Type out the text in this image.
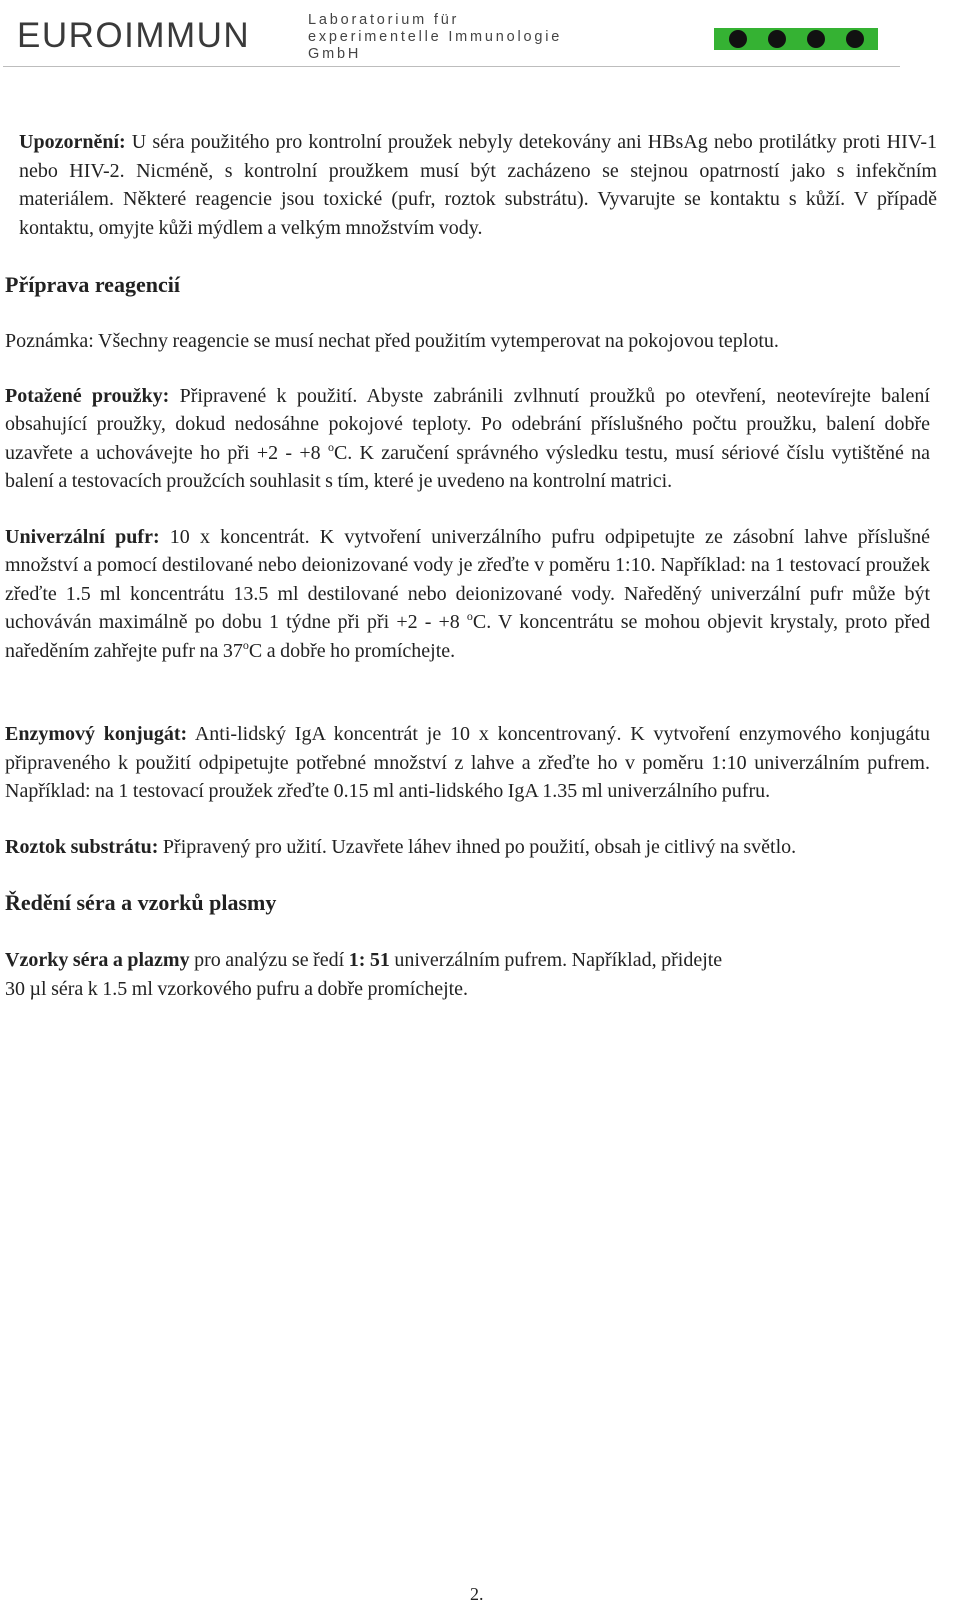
EUROIMMUN	Laboratorium für
experimentelle Immunologie
GmbH

Upozornění: U séra použitého pro kontrolní proužek nebyly detekovány ani HBsAg nebo protilátky proti HIV-1 nebo HIV-2. Nicméně, s kontrolní proužkem musí být zacházeno se stejnou opatrností jako s infekčním materiálem. Některé reagencie jsou toxické (pufr, roztok substrátu). Vyvarujte se kontaktu s kůží. V případě kontaktu, omyjte kůži mýdlem a velkým množstvím vody.

Příprava reagencií

Poznámka: Všechny reagencie se musí nechat před použitím vytemperovat na pokojovou teplotu.

Potažené proužky: Připravené k použití. Abyste zabránili zvlhnutí proužků po otevření, neotevírejte balení obsahující proužky, dokud nedosáhne pokojové teploty. Po odebrání příslušného počtu proužku, balení dobře uzavřete a uchovávejte ho při +2 - +8 $^o$C. K zaručení správného výsledku testu, musí sériové číslu vytištěné na balení a testovacích proužcích souhlasit s tím, které je uvedeno na kontrolní matrici.

Univerzální pufr: 10 x koncentrát. K vytvoření univerzálního pufru odpipetujte ze zásobní lahve příslušné množství a pomocí destilované nebo deionizované vody je zřeďte v poměru 1:10. Například: na 1 testovací proužek zřeďte 1.5 ml koncentrátu 13.5 ml destilované nebo deionizované vody. Naředěný univerzální pufr může být uchováván maximálně po dobu 1 týdne při při +2 - +8 $^o$C. V koncentrátu se mohou objevit krystaly, proto před naředěním zahřejte pufr na 37$^o$C a dobře ho promíchejte.

Enzymový konjugát: Anti-lidský IgA koncentrát je 10 x koncentrovaný. K vytvoření enzymového konjugátu připraveného k použití odpipetujte potřebné množství z lahve a zřeďte ho v poměru 1:10 univerzálním pufrem. Například: na 1 testovací proužek zřeďte 0.15 ml anti-lidského IgA 1.35 ml univerzálního pufru.

Roztok substrátu: Připravený pro užití. Uzavřete láhev ihned po použití, obsah je citlivý na světlo.

Ředění séra a vzorků plasmy

Vzorky séra a plazmy pro analýzu se ředí 1: 51 univerzálním pufrem. Například, přidejte
30 µl séra k 1.5 ml vzorkového pufru a dobře promíchejte.

2.
